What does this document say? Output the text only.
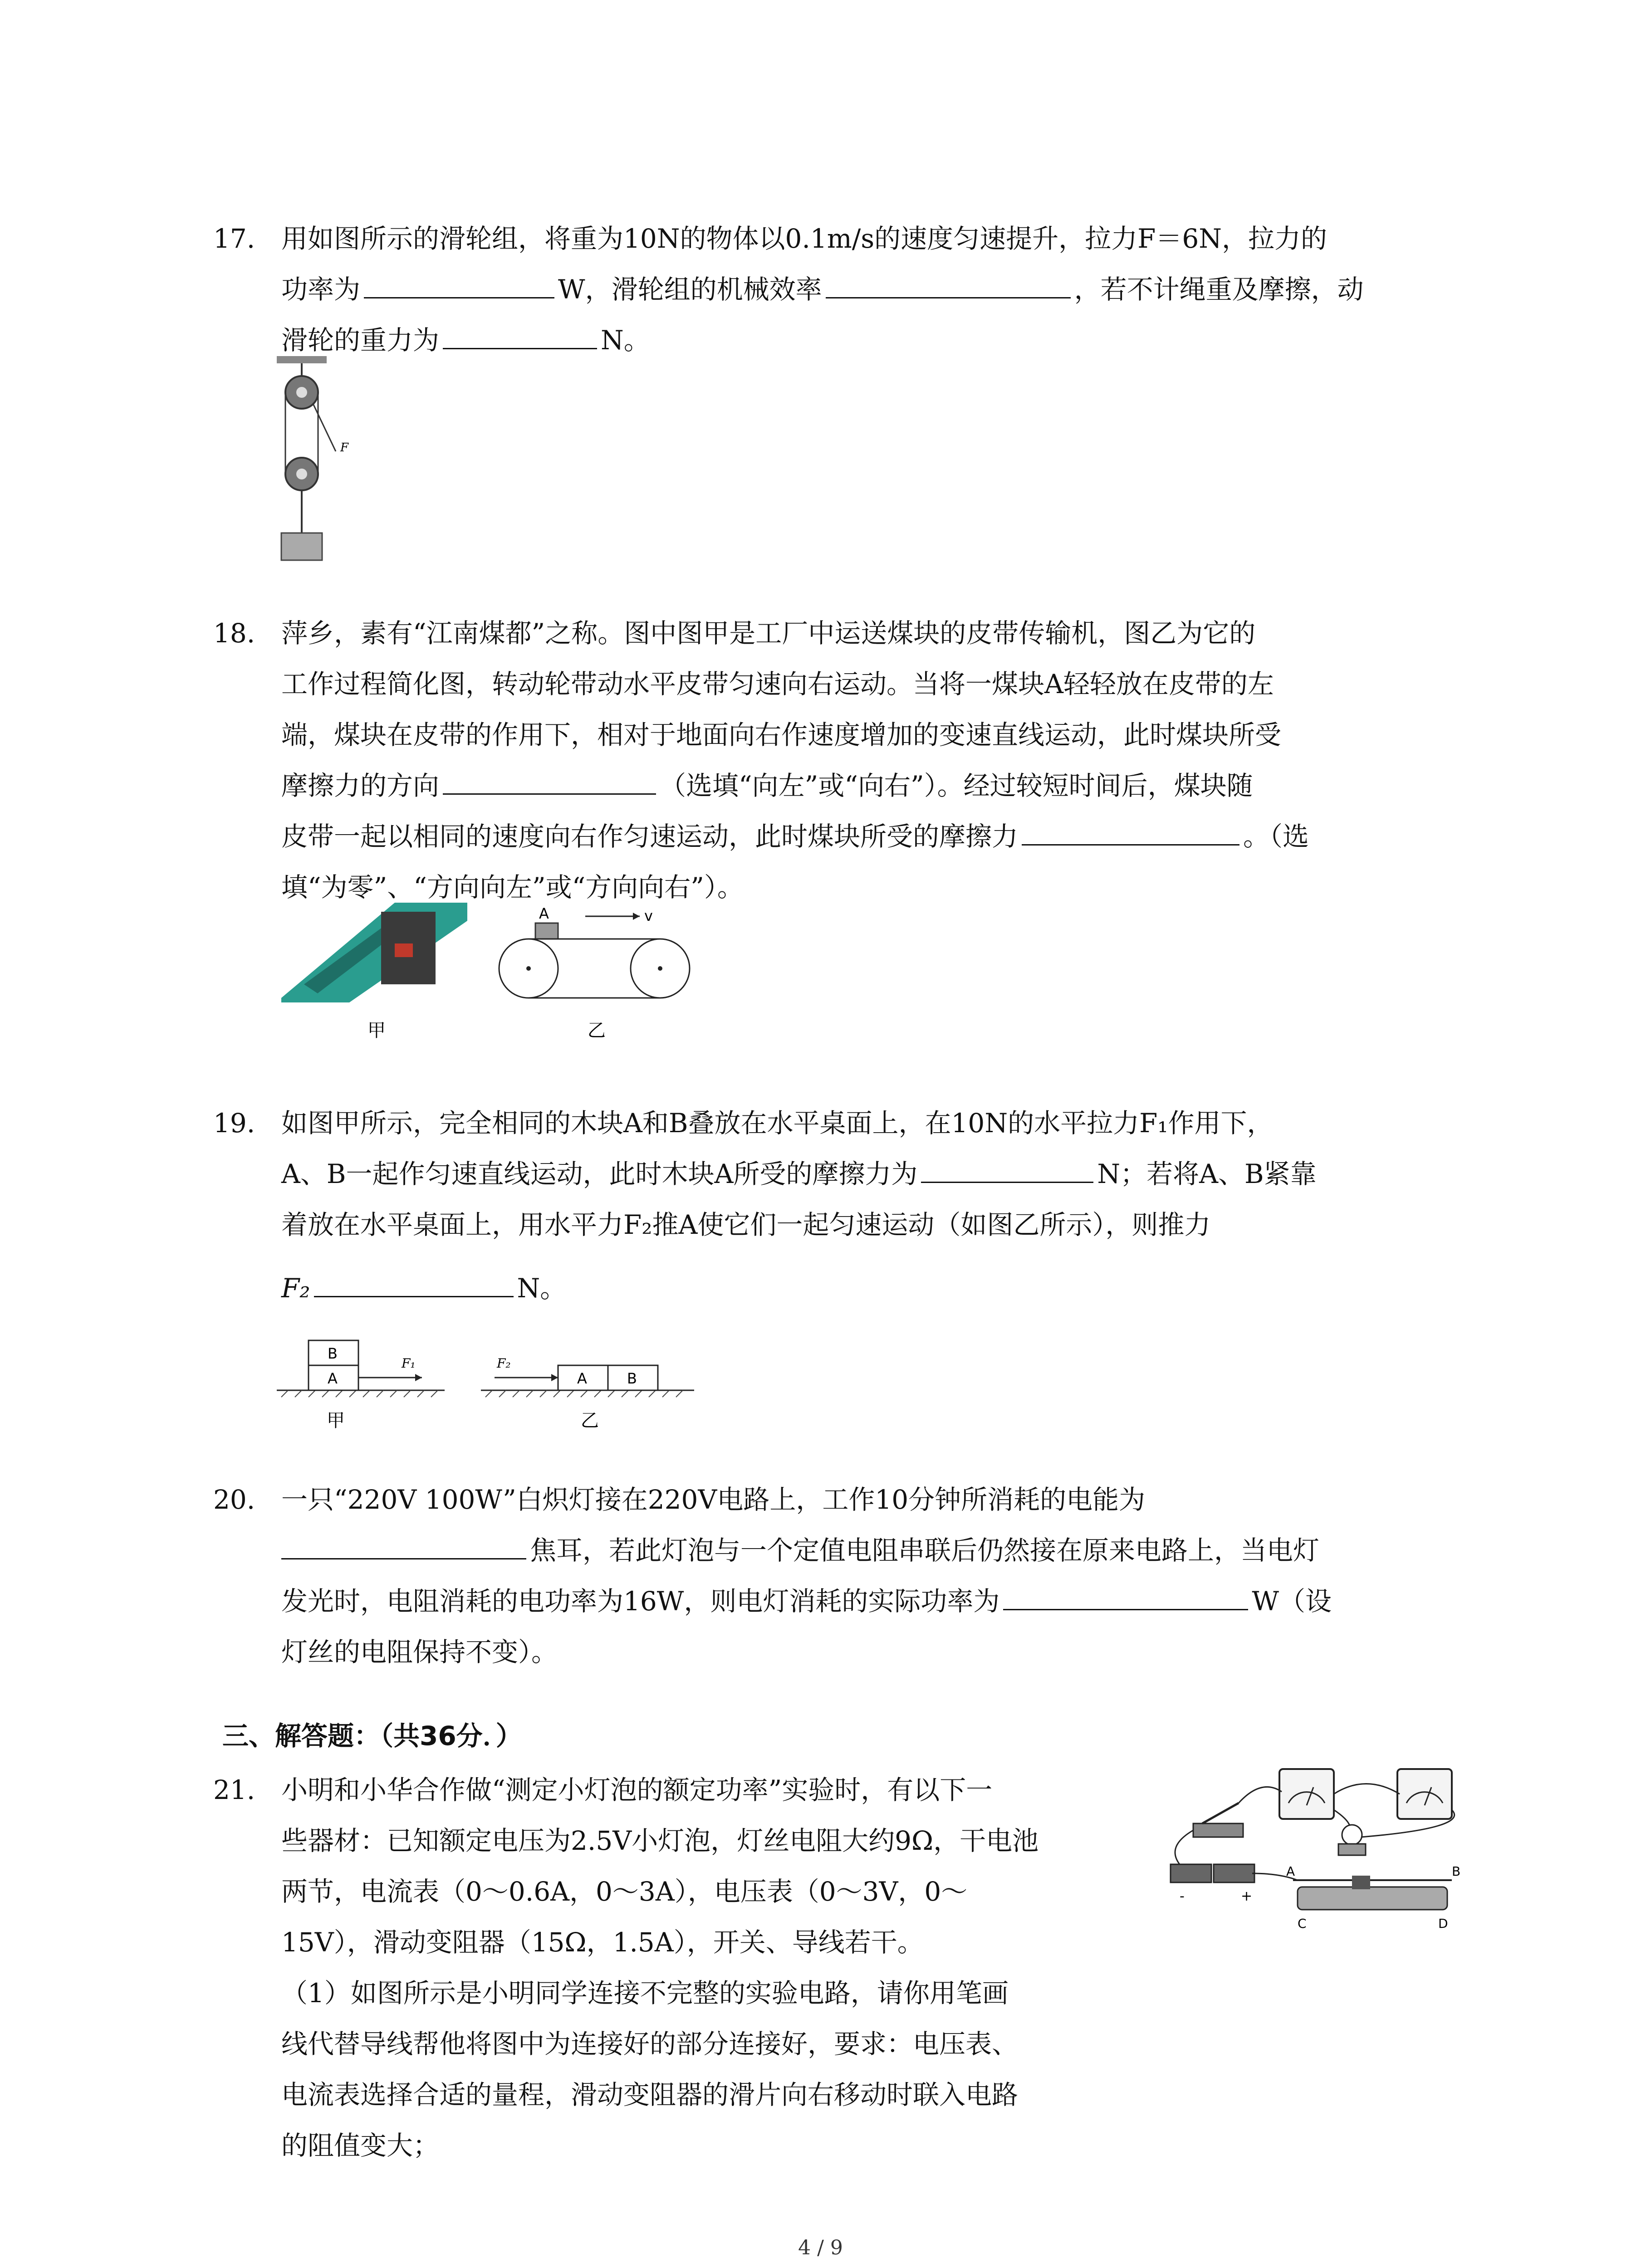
17. 用如图所示的滑轮组，将重为10N的物体以0.1m/s的速度匀速提升，拉力F＝6N，拉力的
功率为	W，滑轮组的机械效率	，若不计绳重及摩擦，动
滑轮的重力为	N。
F
18. 萍乡，素有“江南煤都”之称。图中图甲是工厂中运送煤块的皮带传输机，图乙为它的
工作过程简化图，转动轮带动水平皮带匀速向右运动。当将一煤块A轻轻放在皮带的左
端，煤块在皮带的作用下，相对于地面向右作速度增加的变速直线运动，此时煤块所受
摩擦力的方向	（选填“向左”或“向右”）。经过较短时间后，煤块随
皮带一起以相同的速度向右作匀速运动，此时煤块所受的摩擦力	。（选
填“为零”、“方向向左”或“方向向右”）。
甲
A	v
乙
19. 如图甲所示，完全相同的木块A和B叠放在水平桌面上，在10N的水平拉力F₁作用下，
A、B一起作匀速直线运动，此时木块A所受的摩擦力为	N；若将A、B紧靠
着放在水平桌面上，用水平力F₂推A使它们一起匀速运动（如图乙所示），则推力
F₂	N。
B
A
F₁
甲
F₂
A	B
乙
20. 一只“220V 100W”白炽灯接在220V电路上，工作10分钟所消耗的电能为
焦耳，若此灯泡与一个定值电阻串联后仍然接在原来电路上，当电灯
发光时，电阻消耗的电功率为16W，则电灯消耗的实际功率为	W（设
灯丝的电阻保持不变）。
三、解答题：（共36分．）
21. 小明和小华合作做“测定小灯泡的额定功率”实验时，有以下一
些器材：已知额定电压为2.5V小灯泡，灯丝电阻大约9Ω，干电池
两节，电流表（0～0.6A，0～3A），电压表（0～3V，0～
15V），滑动变阻器（15Ω，1.5A），开关、导线若干。
（1）如图所示是小明同学连接不完整的实验电路，请你用笔画
线代替导线帮他将图中为连接好的部分连接好，要求：电压表、
电流表选择合适的量程，滑动变阻器的滑片向右移动时联入电路
的阻值变大；
-	+
A	B
C	D
4 / 9
